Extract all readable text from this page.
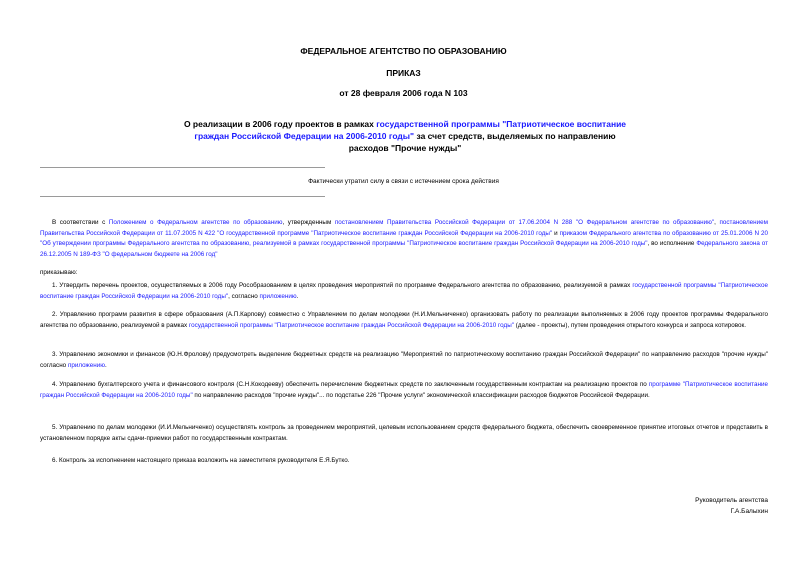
ФЕДЕРАЛЬНОЕ АГЕНТСТВО ПО ОБРАЗОВАНИЮ
ПРИКАЗ
от 28 февраля 2006 года N 103
О реализации в 2006 году проектов в рамках государственной программы "Патриотическое воспитание граждан Российской Федерации на 2006-2010 годы" за счет средств, выделяемых по направлению расходов "Прочие нужды"
Фактически утратил силу в связи с истечением срока действия
В соответствии с Положением о Федеральном агентстве по образованию, утвержденным постановлением Правительства Российской Федерации от 17.06.2004 N 288 "О Федеральном агентстве по образованию", постановлением Правительства Российской Федерации от 11.07.2005 N 422 "О государственной программе "Патриотическое воспитание граждан Российской Федерации на 2006-2010 годы" и приказом Федерального агентства по образованию от 25.01.2006 N 20 "Об утверждении программы Федерального агентства по образованию, реализуемой в рамках государственной программы "Патриотическое воспитание граждан Российской Федерации на 2006-2010 годы", во исполнение Федерального закона от 26.12.2005 N 189-ФЗ "О федеральном бюджете на 2006 год"
приказываю:
1. Утвердить перечень проектов, осуществляемых в 2006 году Рособразованием в целях проведения мероприятий по программе Федерального агентства по образованию, реализуемой в рамках государственной программы "Патриотическое воспитание граждан Российской Федерации на 2006-2010 годы", согласно приложению.
2. Управлению программ развития в сфере образования (А.П.Карпову) совместно с Управлением по делам молодежи (Н.И.Мельниченко) организовать работу по реализации выполняемых в 2006 году проектов программы Федерального агентства по образованию, реализуемой в рамках государственной программы "Патриотическое воспитание граждан Российской Федерации на 2006-2010 годы" (далее - проекты), путем проведения открытого конкурса и запроса котировок.
3. Управлению экономики и финансов (Ю.Н.Фролову) предусмотреть выделение бюджетных средств на реализацию "Мероприятий по патриотическому воспитанию граждан Российской Федерации" по направлению расходов "прочие нужды" согласно приложению.
4. Управлению бухгалтерского учета и финансового контроля (С.Н.Кокодееву) обеспечить перечисление бюджетных средств по заключенным государственным контрактам на реализацию проектов по программе "Патриотическое воспитание граждан Российской Федерации на 2006-2010 годы" по направлению расходов "прочие нужды"... по подстатье 226 "Прочие услуги" экономической классификации расходов бюджетов Российской Федерации.
5. Управлению по делам молодежи (И.И.Мельниченко) осуществлять контроль за проведением мероприятий, целевым использованием средств федерального бюджета, обеспечить своевременное принятие итоговых отчетов и представить в установленном порядке акты сдачи-приемки работ по государственным контрактам.
6. Контроль за исполнением настоящего приказа возложить на заместителя руководителя Е.Я.Бутко.
Руководитель агентства
Г.А.Балыхин
